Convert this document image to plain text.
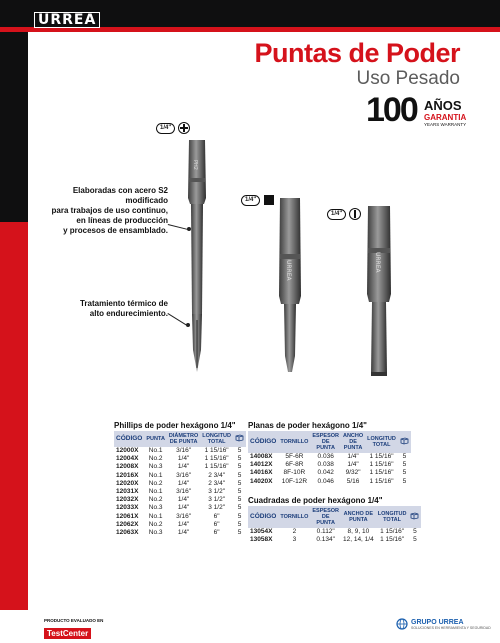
URREA
Puntas de Poder
Uso Pesado
100 AÑOS
GARANTIA
YEARS WARRANTY
1/4"
1/4"
1/4"
Elaboradas con acero S2 modificado
para trabajos de uso continuo,
en líneas de producción
y procesos de ensamblado.
Tratamiento térmico de
alto endurecimiento.
PH2
URREA	URREA
Phillips de poder hexágono 1/4"
CÓDIGO	PUNTA	DIÁMETRO DE PUNTA	LONGITUD TOTAL	
12000X	No.1	3/16"	1 15/16"	5
12004X	No.2	1/4"	1 15/16"	5
12008X	No.3	1/4"	1 15/16"	5
12016X	No.1	3/16"	2 3/4"	5
12020X	No.2	1/4"	2 3/4"	5
12031X	No.1	3/16"	3 1/2"	5
12032X	No.2	1/4"	3 1/2"	5
12033X	No.3	1/4"	3 1/2"	5
12061X	No.1	3/16"	6"	5
12062X	No.2	1/4"	6"	5
12063X	No.3	1/4"	6"	5
Planas de poder hexágono 1/4"
CÓDIGO	TORNILLO	ESPESOR DE PUNTA	ANCHO DE PUNTA	LONGITUD TOTAL	
14008X	5F-6R	0.036	1/4"	1 15/16"	5
14012X	6F-8R	0.038	1/4"	1 15/16"	5
14016X	8F-10R	0.042	9/32"	1 15/16"	5
14020X	10F-12R	0.046	5/16	1 15/16"	5
Cuadradas de poder hexágono 1/4"
CÓDIGO	TORNILLO	ESPESOR DE PUNTA	ANCHO DE PUNTA	LONGITUD TOTAL	
13054X	2	0.112"	8, 9, 10	1 15/16"	5
13058X	3	0.134"	12, 14, 1/4	1 15/16"	5
PRODUCTO EVALUADO EN
TestCenter
GRUPO URREA
SOLUCIONES EN HERRAMIENTA Y SEGURIDAD
